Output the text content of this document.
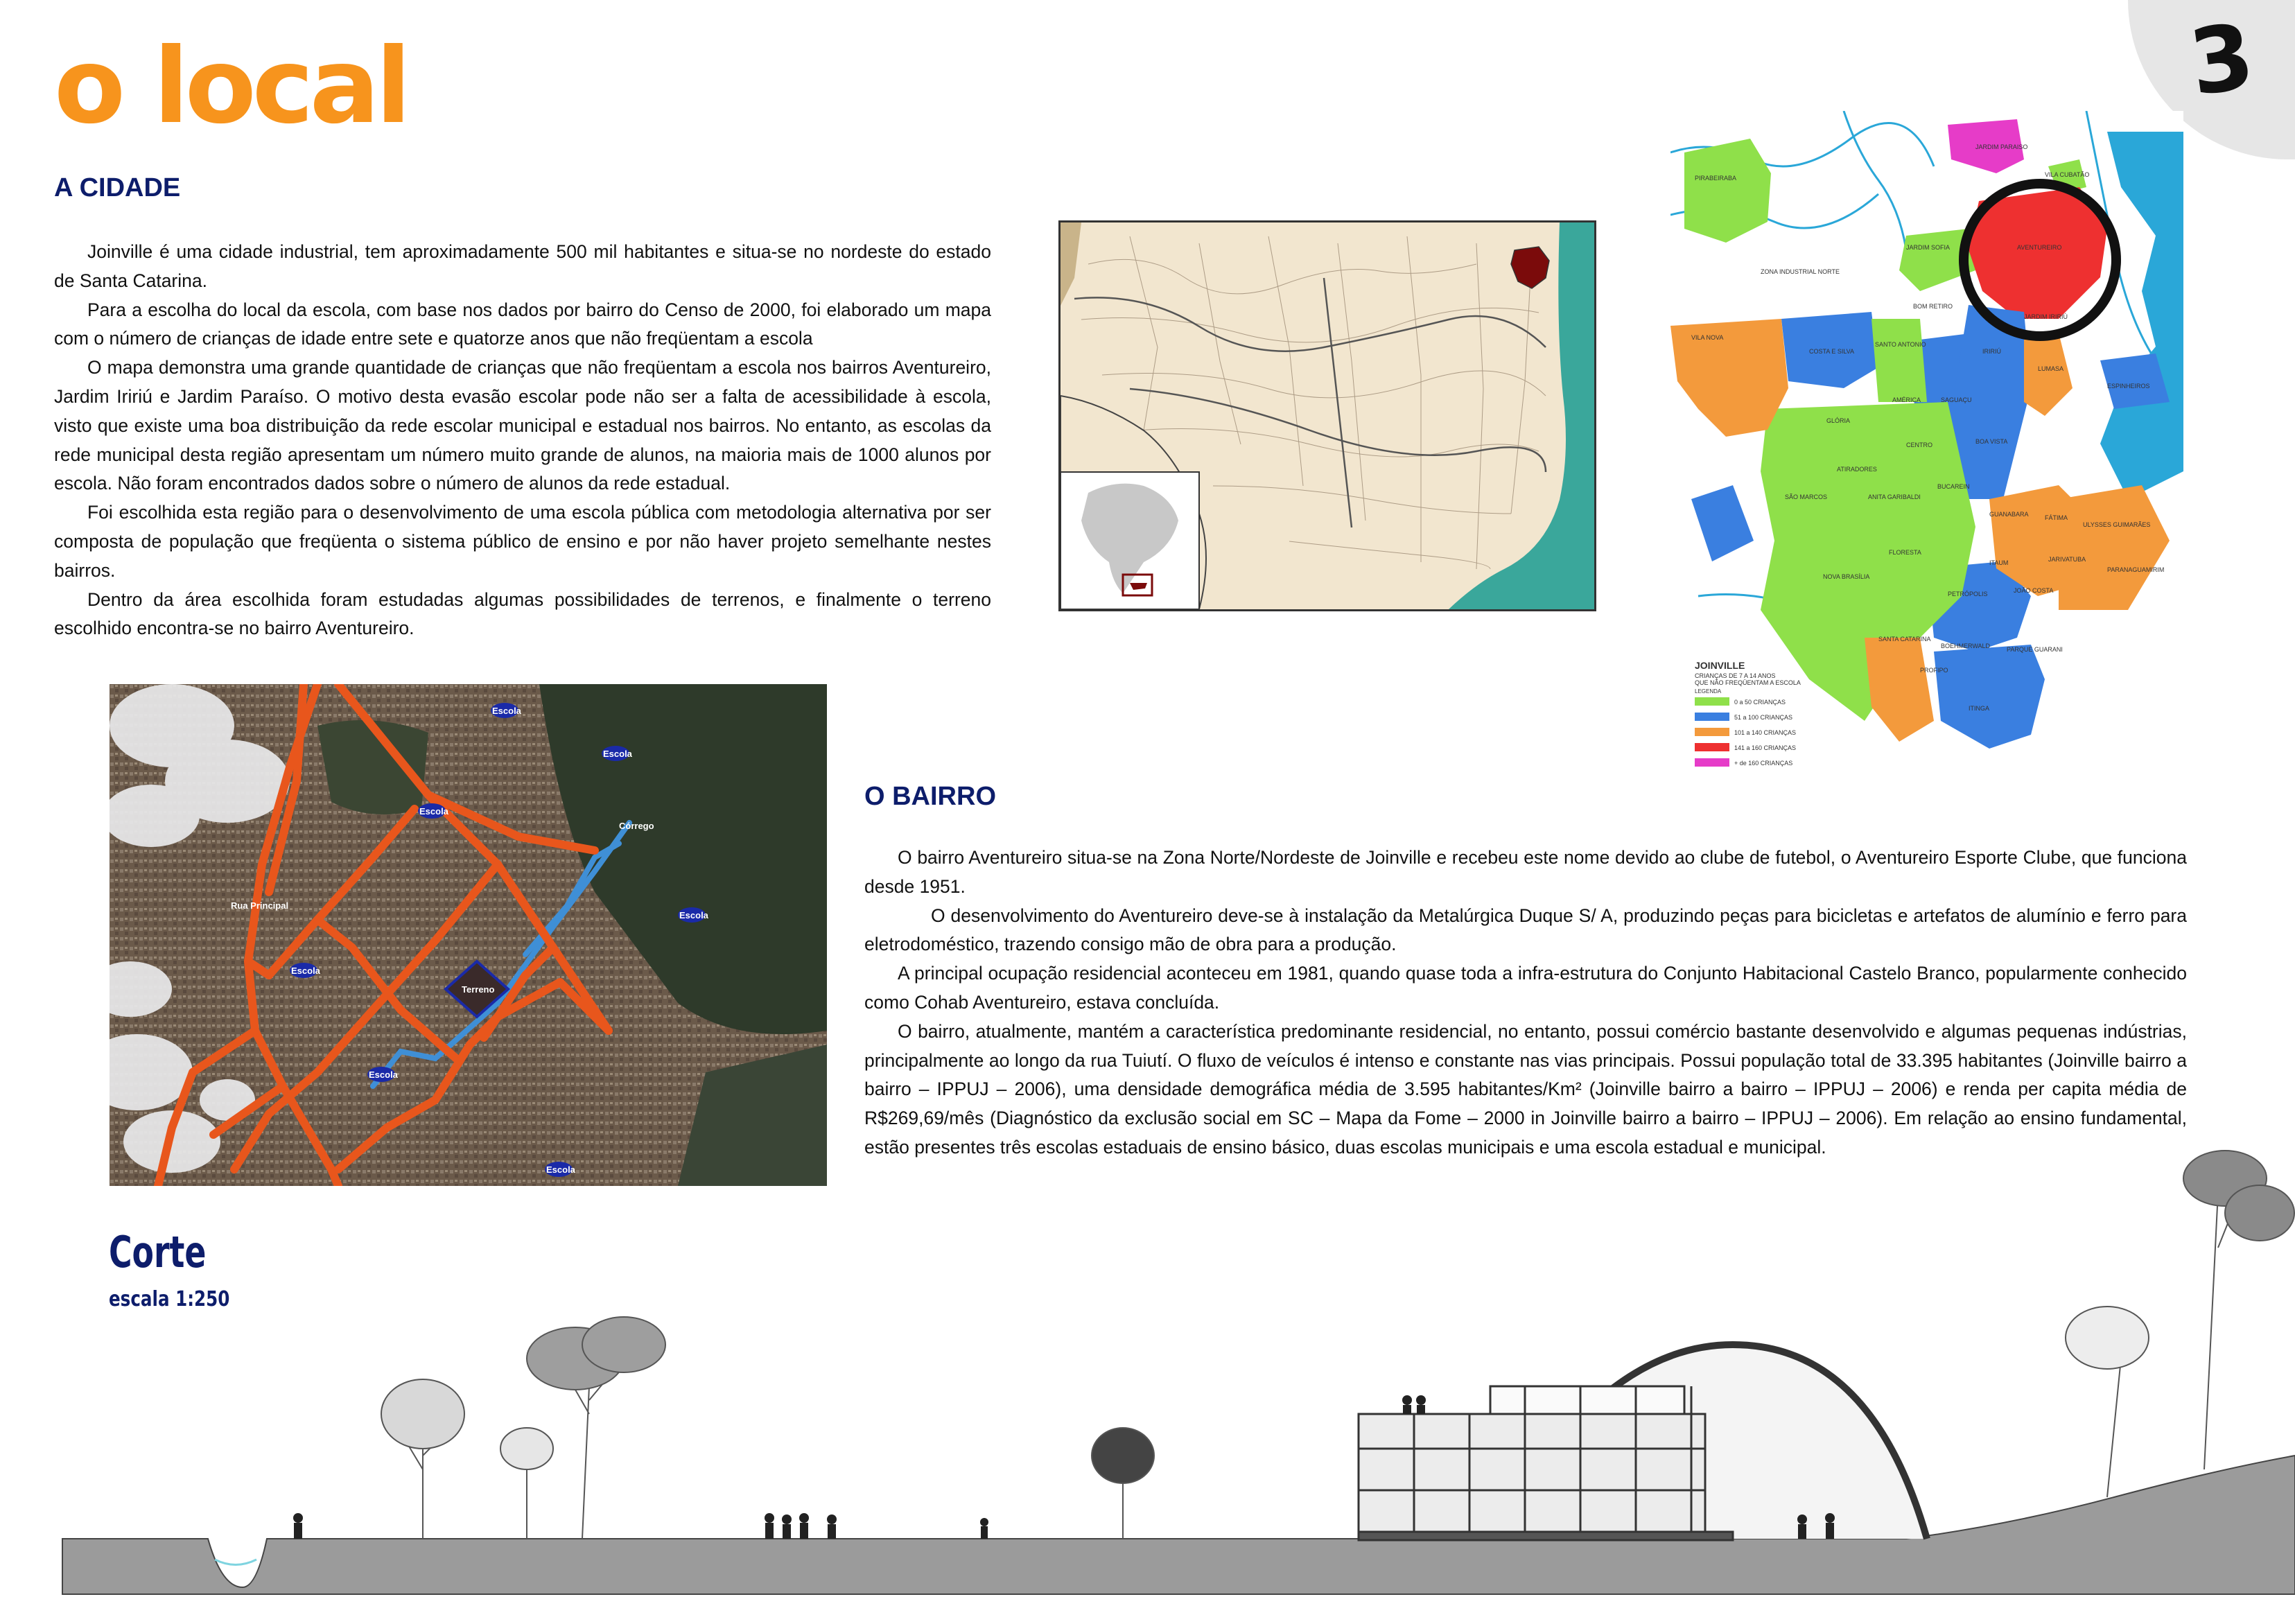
3
o local
A CIDADE

Joinville é uma cidade industrial, tem aproximadamente 500 mil habitantes e situa-se no nordeste do estado de Santa Catarina.

Para a escolha do local da escola, com base nos dados por bairro do Censo de 2000, foi elaborado um mapa com o número de crianças de idade entre sete e quatorze anos que não freqüentam a escola

O mapa demonstra uma grande quantidade de crianças que não freqüentam a escola nos bairros Aventureiro, Jardim Iririú e Jardim Paraíso. O motivo desta evasão escolar pode não ser a falta de acessibilidade à escola, visto que existe uma boa distribuição da rede escolar municipal e estadual nos bairros. No entanto, as escolas da rede municipal desta região apresentam um número muito grande de alunos, na maioria mais de 1000 alunos por escola. Não foram encontrados dados sobre o número de alunos da rede estadual.

Foi escolhida esta região para o desenvolvimento de uma escola pública com metodologia alternativa por ser composta de população que freqüenta o sistema público de ensino e por não haver projeto semelhante nestes bairros.

Dentro da área escolhida foram estudadas algumas possibilidades de terrenos, e finalmente o terreno escolhido encontra-se no bairro Aventureiro.

JARDIM PARAISO
VILA CUBATÃO
PIRABEIRABA
AVENTUREIRO
JARDIM SOFIA
ZONA INDUSTRIAL NORTE
JARDIM IRIRIÚ
BOM RETIRO
VILA NOVA
COSTA E SILVA
SANTO ANTONIO
IRIRIÚ
LUMASA
ESPINHEIROS
AMÉRICA	SAGUAÇU
GLÓRIA
CENTRO	BOA VISTA
ATIRADORES
BUCAREIN
SÃO MARCOS	ANITA GARIBALDI
FÁTIMA
ULYSSES GUIMARÃES
GUANABARA
FLORESTA
ITAUM	JARIVATUBA
PARANAGUAMIRIM
NOVA BRASÍLIA
PETRÓPOLIS	JOÃO COSTA
SANTA CATARINA
BOEHMERWALD	PARQUE GUARANI
PROFIPO
ITINGA
JOINVILLE
CRIANÇAS DE 7 A 14 ANOS
QUE NÃO FREQÜENTAM A ESCOLA
LEGENDA
0 a 50 CRIANÇAS
51 a 100 CRIANÇAS
101 a 140 CRIANÇAS
141 a 160 CRIANÇAS
+ de 160 CRIANÇAS
Terreno
Escola
Escola
Escola
Escola
Escola
Escola
Escola
Rua Principal
Córrego
O BAIRRO

O bairro Aventureiro situa-se na Zona Norte/Nordeste de Joinville e recebeu este nome devido ao clube de futebol, o Aventureiro Esporte Clube, que funciona desde 1951.

O desenvolvimento do Aventureiro deve-se à instalação da Metalúrgica Duque S/ A, produzindo peças para bicicletas e artefatos de alumínio e ferro para eletrodoméstico, trazendo consigo mão de obra para a produção.

A principal ocupação residencial aconteceu em 1981, quando quase toda a infra-estrutura do Conjunto Habitacional Castelo Branco, popularmente conhecido como Cohab Aventureiro, estava concluída.

O bairro, atualmente, mantém a característica predominante residencial, no entanto, possui comércio bastante desenvolvido e algumas pequenas indústrias, principalmente ao longo da rua Tuiutí. O fluxo de veículos é intenso e constante nas vias principais. Possui população total de 33.395 habitantes (Joinville bairro a bairro – IPPUJ – 2006), uma densidade demográfica média de 3.595 habitantes/Km² (Joinville bairro a bairro – IPPUJ – 2006) e renda per capita média de R$269,69/mês (Diagnóstico da exclusão social em SC – Mapa da Fome – 2000 in Joinville bairro a bairro – IPPUJ – 2006). Em relação ao ensino fundamental, estão presentes três escolas estaduais de ensino básico, duas escolas municipais e uma escola estadual e municipal.

Corte
escala 1:250
